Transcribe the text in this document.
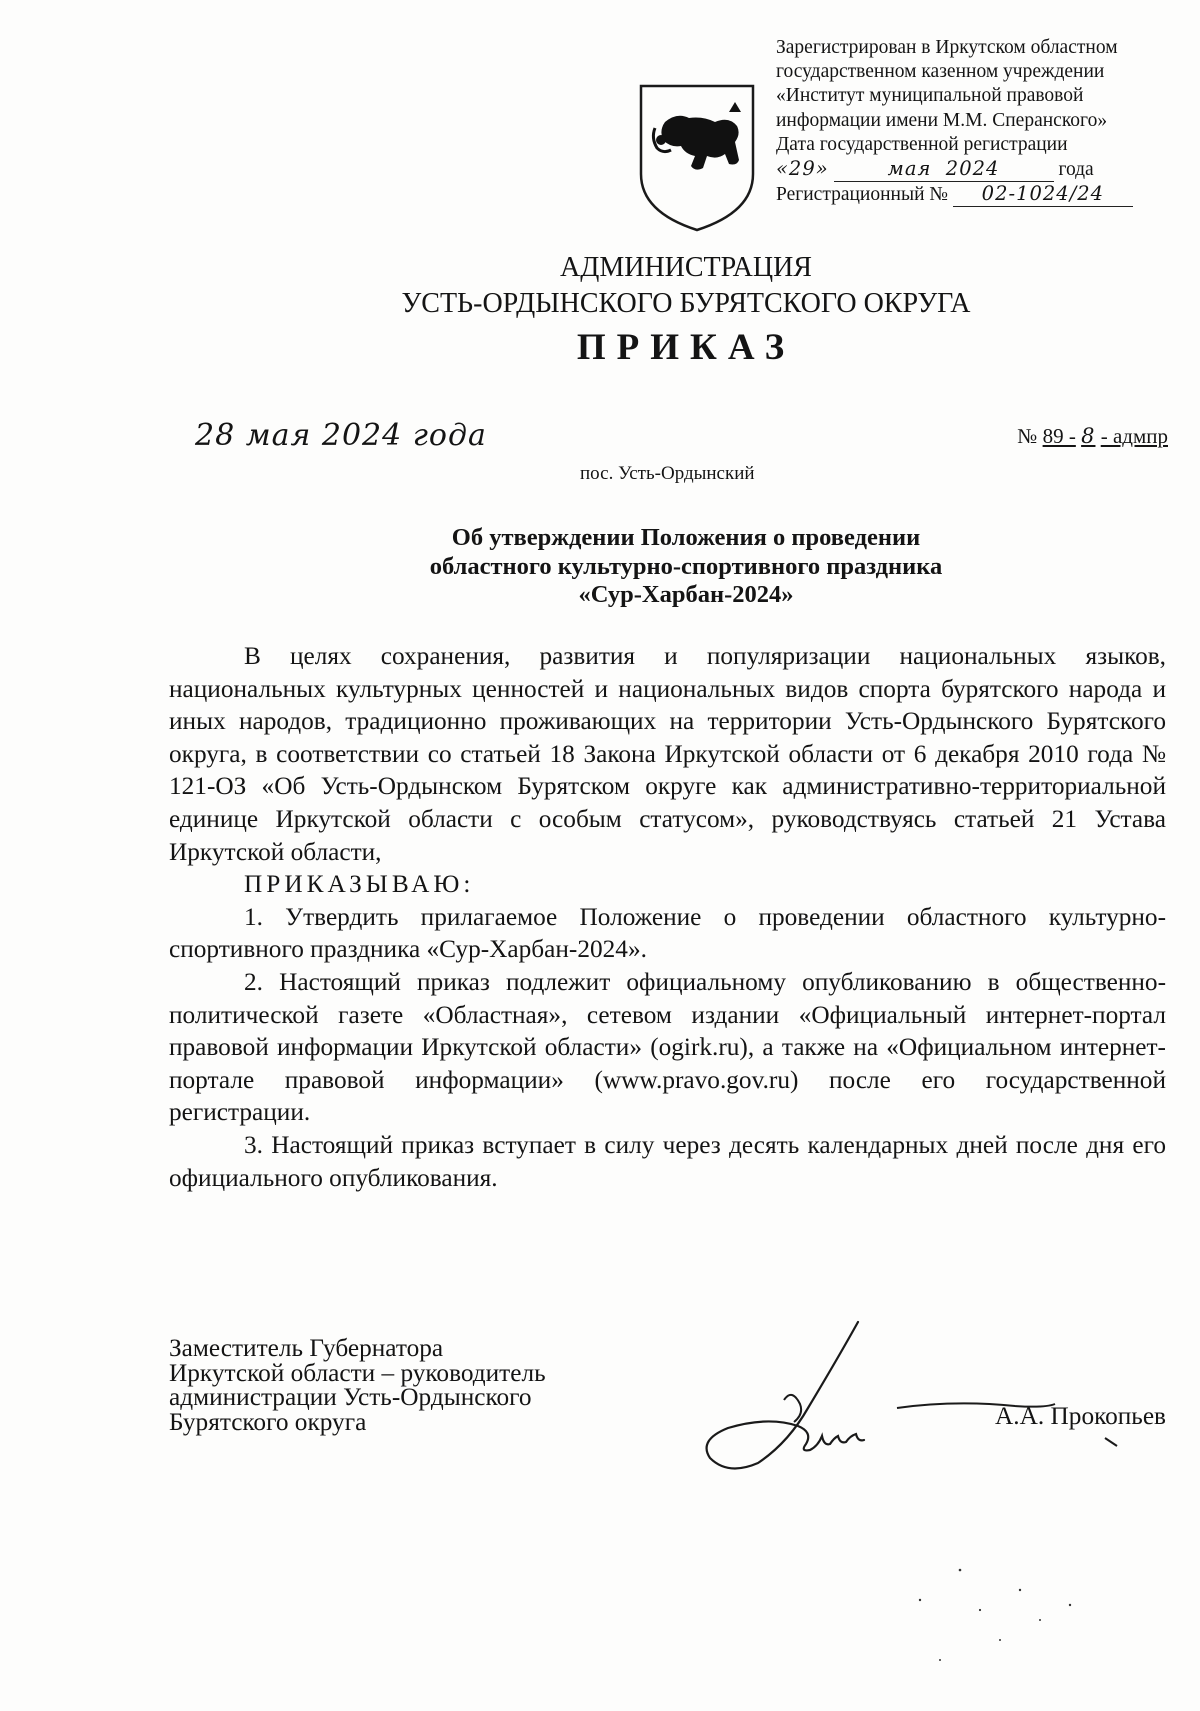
Зарегистрирован в Иркутском областном
государственном казенном учреждении
«Институт муниципальной правовой
информации имени М.М. Сперанского»
Дата государственной регистрации
«29»	мая 2024	года
Регистрационный № 02-1024/24
АДМИНИСТРАЦИЯ
УСТЬ-ОРДЫНСКОГО БУРЯТСКОГО ОКРУГА
ПРИКАЗ
28 мая 2024 года	№ 89 - 8 - адмпр
пос. Усть-Ордынский
Об утверждении Положения о проведении
областного культурно-спортивного праздника
«Сур-Харбан-2024»

В целях сохранения, развития и популяризации национальных языков, национальных культурных ценностей и национальных видов спорта бурятского народа и иных народов, традиционно проживающих на территории Усть-Ордынского Бурятского округа, в соответствии со статьей 18 Закона Иркутской области от 6 декабря 2010 года № 121-ОЗ «Об Усть-Ордынском Бурятском округе как административно-территориальной единице Иркутской области с особым статусом», руководствуясь статьей 21 Устава Иркутской области,

ПРИКАЗЫВАЮ:

1. Утвердить прилагаемое Положение о проведении областного культурно-спортивного праздника «Сур-Харбан-2024».

2. Настоящий приказ подлежит официальному опубликованию в общественно-политической газете «Областная», сетевом издании «Официальный интернет-портал правовой информации Иркутской области» (ogirk.ru), а также на «Официальном интернет-портале правовой информации» (www.pravo.gov.ru) после его государственной регистрации.

3. Настоящий приказ вступает в силу через десять календарных дней после дня его официального опубликования.

Заместитель Губернатора
Иркутской области – руководитель
администрации Усть-Ордынского
Бурятского округа	А.А. Прокопьев
